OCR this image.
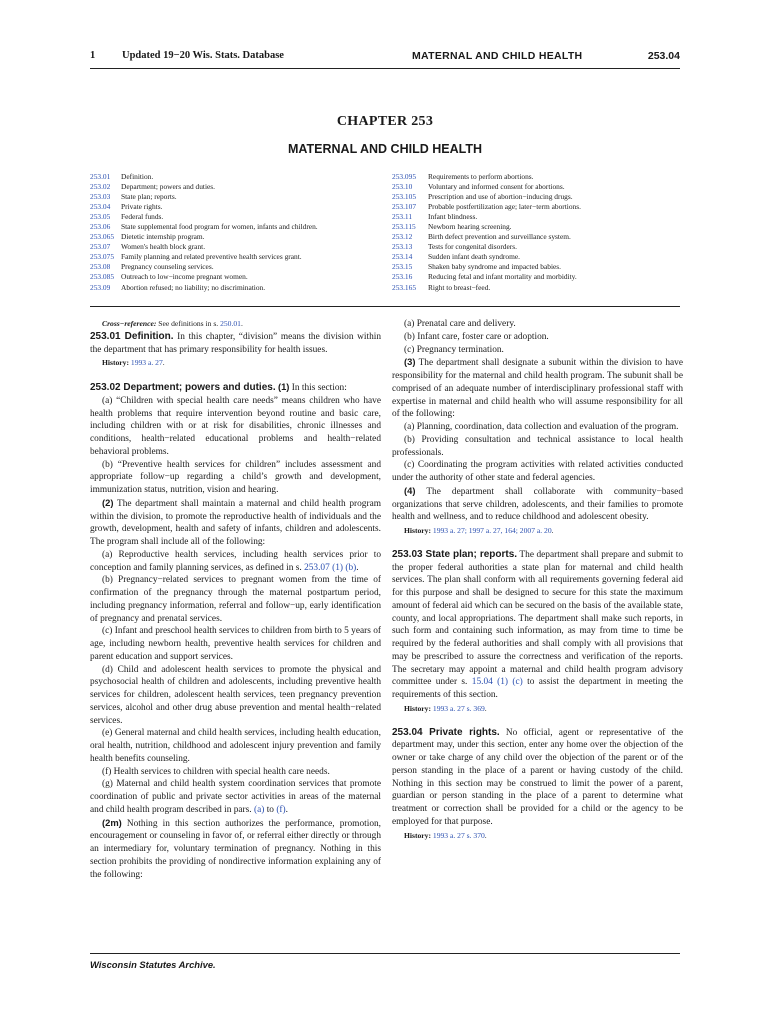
1	Updated 19−20 Wis. Stats. Database	MATERNAL AND CHILD HEALTH	253.04
CHAPTER 253
MATERNAL AND CHILD HEALTH
253.01 Definition.
253.02 Department; powers and duties.
253.03 State plan; reports.
253.04 Private rights.
253.05 Federal funds.
253.06 State supplemental food program for women, infants and children.
253.065 Dietetic internship program.
253.07 Women's health block grant.
253.075 Family planning and related preventive health services grant.
253.08 Pregnancy counseling services.
253.085 Outreach to low−income pregnant women.
253.09 Abortion refused; no liability; no discrimination.
253.095 Requirements to perform abortions.
253.10 Voluntary and informed consent for abortions.
253.105 Prescription and use of abortion−inducing drugs.
253.107 Probable postfertilization age; later−term abortions.
253.11 Infant blindness.
253.115 Newborn hearing screening.
253.12 Birth defect prevention and surveillance system.
253.13 Tests for congenital disorders.
253.14 Sudden infant death syndrome.
253.15 Shaken baby syndrome and impacted babies.
253.16 Reducing fetal and infant mortality and morbidity.
253.165 Right to breast−feed.

Cross−reference: See definitions in s. 250.01.

253.01 Definition. In this chapter, “division” means the division within the department that has primary responsibility for health issues.

History: 1993 a. 27.

253.02 Department; powers and duties. (1) In this section:

(a) “Children with special health care needs” means children who have health problems that require intervention beyond routine and basic care, including children with or at risk for disabilities, chronic illnesses and conditions, health−related educational problems and health−related behavioral problems.

(b) “Preventive health services for children” includes assessment and appropriate follow−up regarding a child’s growth and development, immunization status, nutrition, vision and hearing.

(2) The department shall maintain a maternal and child health program within the division, to promote the reproductive health of individuals and the growth, development, health and safety of infants, children and adolescents. The program shall include all of the following:

(a) Reproductive health services, including health services prior to conception and family planning services, as defined in s. 253.07 (1) (b).

(b) Pregnancy−related services to pregnant women from the time of confirmation of the pregnancy through the maternal postpartum period, including pregnancy information, referral and follow−up, early identification of pregnancy and prenatal services.

(c) Infant and preschool health services to children from birth to 5 years of age, including newborn health, preventive health services for children and parent education and support services.

(d) Child and adolescent health services to promote the physical and psychosocial health of children and adolescents, including preventive health services for children, adolescent health services, teen pregnancy prevention services, alcohol and other drug abuse prevention and mental health−related services.

(e) General maternal and child health services, including health education, oral health, nutrition, childhood and adolescent injury prevention and family health benefits counseling.

(f) Health services to children with special health care needs.

(g) Maternal and child health system coordination services that promote coordination of public and private sector activities in areas of the maternal and child health program described in pars. (a) to (f).

(2m) Nothing in this section authorizes the performance, promotion, encouragement or counseling in favor of, or referral either directly or through an intermediary for, voluntary termination of pregnancy. Nothing in this section prohibits the providing of nondirective information explaining any of the following:

(a) Prenatal care and delivery.

(b) Infant care, foster care or adoption.

(c) Pregnancy termination.

(3) The department shall designate a subunit within the division to have responsibility for the maternal and child health program. The subunit shall be comprised of an adequate number of interdisciplinary professional staff with expertise in maternal and child health who will assume responsibility for all of the following:

(a) Planning, coordination, data collection and evaluation of the program.

(b) Providing consultation and technical assistance to local health professionals.

(c) Coordinating the program activities with related activities conducted under the authority of other state and federal agencies.

(4) The department shall collaborate with community−based organizations that serve children, adolescents, and their families to promote health and wellness, and to reduce childhood and adolescent obesity.

History: 1993 a. 27; 1997 a. 27, 164; 2007 a. 20.

253.03 State plan; reports. The department shall prepare and submit to the proper federal authorities a state plan for maternal and child health services. The plan shall conform with all requirements governing federal aid for this purpose and shall be designed to secure for this state the maximum amount of federal aid which can be secured on the basis of the available state, county, and local appropriations. The department shall make such reports, in such form and containing such information, as may from time to time be required by the federal authorities and shall comply with all provisions that may be prescribed to assure the correctness and verification of the reports. The secretary may appoint a maternal and child health program advisory committee under s. 15.04 (1) (c) to assist the department in meeting the requirements of this section.

History: 1993 a. 27 s. 369.

253.04 Private rights. No official, agent or representative of the department may, under this section, enter any home over the objection of the owner or take charge of any child over the objection of the parent or of the person standing in the place of a parent or having custody of the child. Nothing in this section may be construed to limit the power of a parent, guardian or person standing in the place of a parent to determine what treatment or correction shall be provided for a child or the agency to be employed for that purpose.

History: 1993 a. 27 s. 370.

Wisconsin Statutes Archive.
